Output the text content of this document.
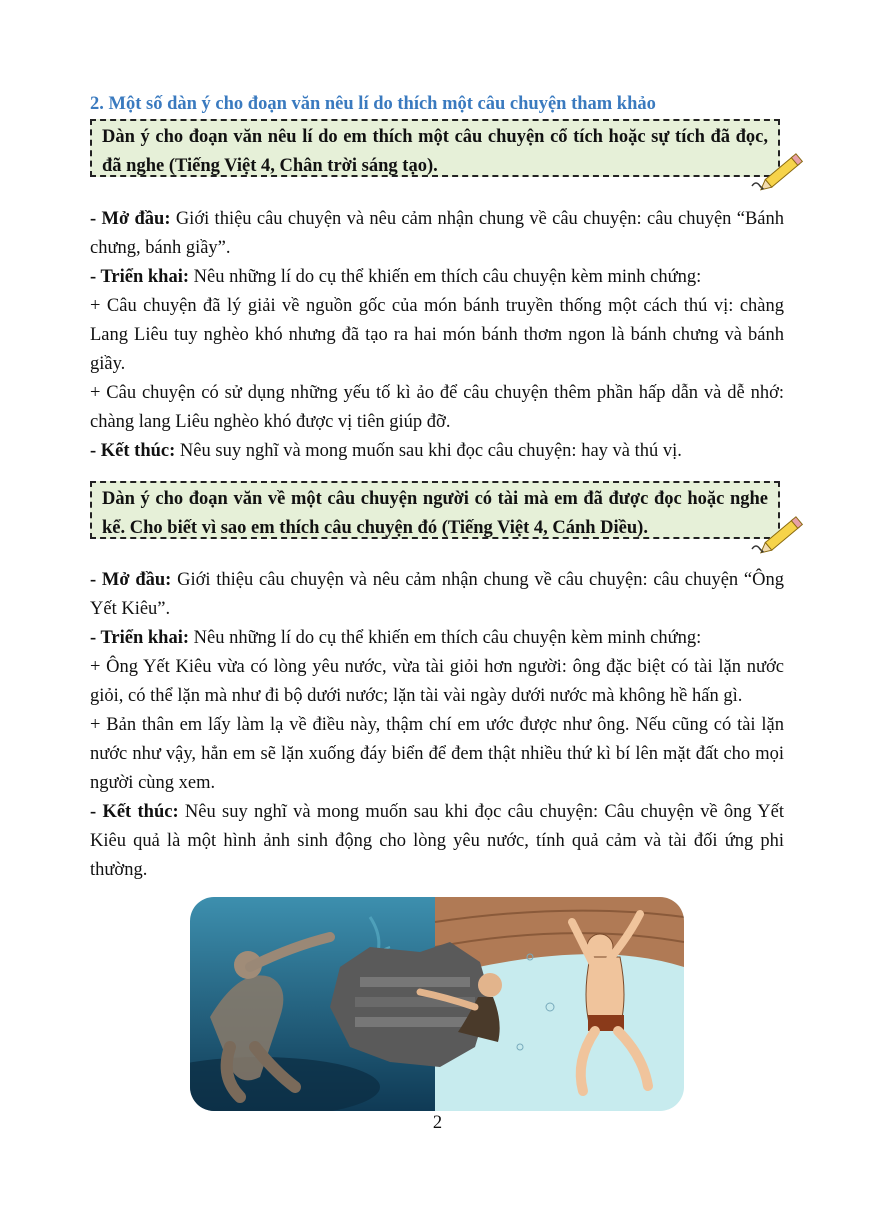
2. Một số dàn ý cho đoạn văn nêu lí do thích một câu chuyện tham khảo
Dàn ý cho đoạn văn nêu lí do em thích một câu chuyện cổ tích hoặc sự tích đã đọc, đã nghe (Tiếng Việt 4, Chân trời sáng tạo).

- Mở đầu: Giới thiệu câu chuyện và nêu cảm nhận chung về câu chuyện: câu chuyện “Bánh chưng, bánh giầy”.

- Triển khai: Nêu những lí do cụ thể khiến em thích câu chuyện kèm minh chứng:

+ Câu chuyện đã lý giải về nguồn gốc của món bánh truyền thống một cách thú vị: chàng Lang Liêu tuy nghèo khó nhưng đã tạo ra hai món bánh thơm ngon là bánh chưng và bánh giầy.

+ Câu chuyện có sử dụng những yếu tố kì ảo để câu chuyện thêm phần hấp dẫn và dễ nhớ: chàng lang Liêu nghèo khó được vị tiên giúp đỡ.

- Kết thúc: Nêu suy nghĩ và mong muốn sau khi đọc câu chuyện: hay và thú vị.

Dàn ý cho đoạn văn về một câu chuyện người có tài mà em đã được đọc hoặc nghe kể. Cho biết vì sao em thích câu chuyện đó (Tiếng Việt 4, Cánh Diều).

- Mở đầu: Giới thiệu câu chuyện và nêu cảm nhận chung về câu chuyện: câu chuyện “Ông Yết Kiêu”.

- Triển khai: Nêu những lí do cụ thể khiến em thích câu chuyện kèm minh chứng:

+ Ông Yết Kiêu vừa có lòng yêu nước, vừa tài giỏi hơn người: ông đặc biệt có tài lặn nước giỏi, có thể lặn mà như đi bộ dưới nước; lặn tài vài ngày dưới nước mà không hề hấn gì.

+ Bản thân em lấy làm lạ về điều này, thậm chí em ước được như ông. Nếu cũng có tài lặn nước như vậy, hẳn em sẽ lặn xuống đáy biển để đem thật nhiều thứ kì bí lên mặt đất cho mọi người cùng xem.

- Kết thúc: Nêu suy nghĩ và mong muốn sau khi đọc câu chuyện: Câu chuyện về ông Yết Kiêu quả là một hình ảnh sinh động cho lòng yêu nước, tính quả cảm và tài đối ứng phi thường.

2
